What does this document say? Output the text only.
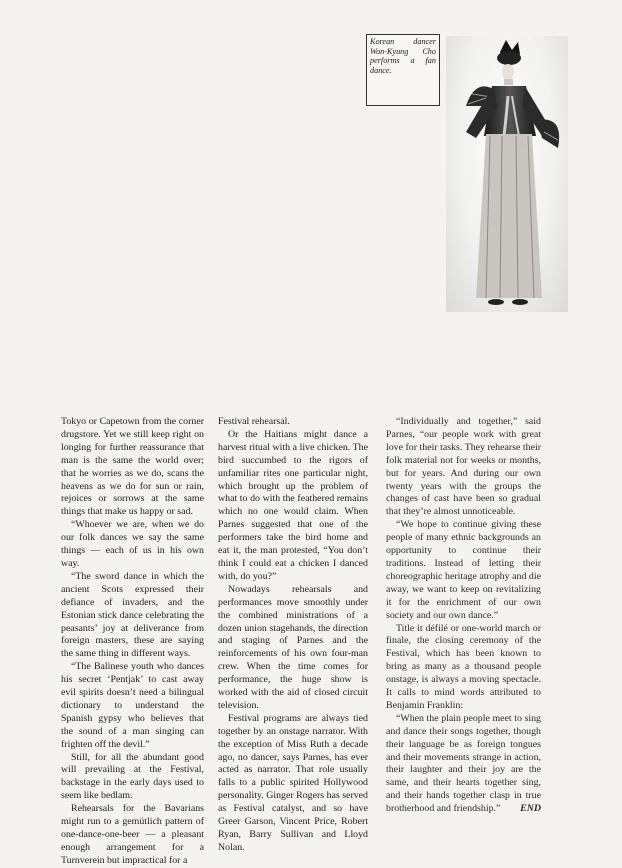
Korean dancer Won-Kyung Cho performs a fan dance.

Tokyo or Capetown from the corner drugstore. Yet we still keep right on longing for further reassurance that man is the same the world over; that he worries as we do, scans the heavens as we do for sun or rain, rejoices or sorrows at the same things that make us happy or sad.

“Whoever we are, when we do our folk dances we say the same things — each of us in his own way.

“The sword dance in which the ancient Scots expressed their defiance of invaders, and the Estonian stick dance celebrating the peasants’ joy at deliverance from foreign masters, these are saying the same thing in different ways.

“The Balinese youth who dances his secret ‘Pentjak’ to cast away evil spirits doesn’t need a bilingual dictionary to understand the Spanish gypsy who believes that the sound of a man singing can frighten off the devil.”

Still, for all the abundant good will prevailing at the Festival, backstage in the early days used to seem like bedlam.

Rehearsals for the Bavarians might run to a gemütlich pattern of one-dance-one-beer — a pleasant enough arrangement for a Turnverein but impractical for a

Festival rehearsal.

Or the Haitians might dance a harvest ritual with a live chicken. The bird succumbed to the rigors of unfamiliar rites one particular night, which brought up the problem of what to do with the feathered remains which no one would claim. When Parnes suggested that one of the performers take the bird home and eat it, the man protested, “You don’t think I could eat a chicken I danced with, do you?”

Nowadays rehearsals and performances move smoothly under the combined ministrations of a dozen union stagehands, the direction and staging of Parnes and the reinforcements of his own four-man crew. When the time comes for performance, the huge show is worked with the aid of closed circuit television.

Festival programs are always tied together by an onstage narrator. With the exception of Miss Ruth a decade ago, no dancer, says Parnes, has ever acted as narrator. That role usually falls to a public spirited Hollywood personality. Ginger Rogers has served as Festival catalyst, and so have Greer Garson, Vincent Price, Robert Ryan, Barry Sullivan and Lloyd Nolan.

“Individually and together,” said Parnes, “our people work with great love for their tasks. They rehearse their folk material not for weeks or months, but for years. And during our own twenty years with the groups the changes of cast have been so gradual that they’re almost unnoticeable.

“We hope to continue giving these people of many ethnic backgrounds an opportunity to continue their traditions. Instead of letting their choreographic heritage atrophy and die away, we want to keep on revitalizing it for the enrichment of our own society and our own dance.”

Title it défilé or one-world march or finale, the closing ceremony of the Festival, which has been known to bring as many as a thousand people onstage, is always a moving spectacle. It calls to mind words attributed to Benjamin Franklin:

“When the plain people meet to sing and dance their songs together, though their language be as foreign tongues and their movements strange in action, their laughter and their joy are the same, and their hearts together sing, and their hands together clasp in true brotherhood and friendship.”	END
